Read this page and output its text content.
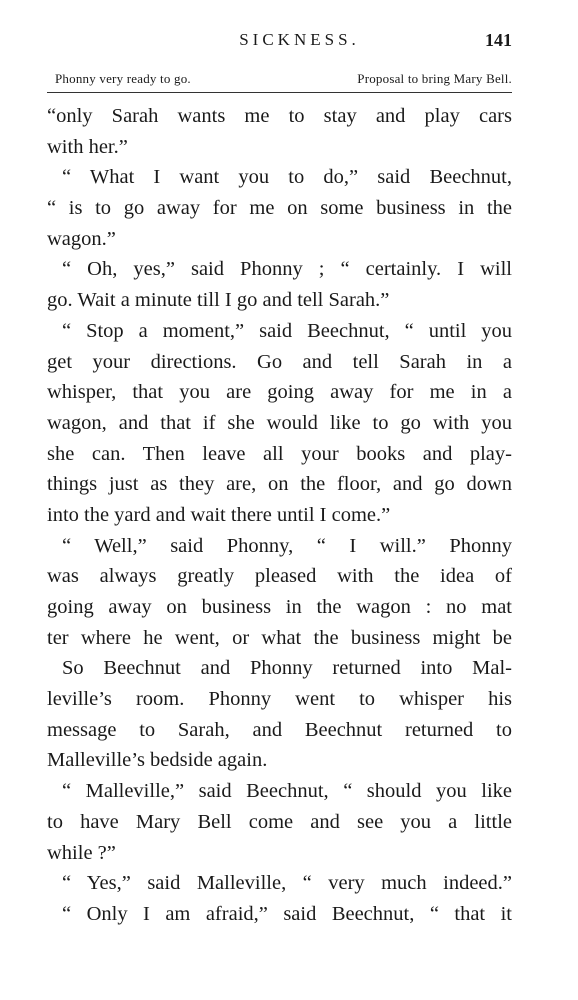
SICKNESS.	141
Phonny very ready to go.	Proposal to bring Mary Bell.
“only Sarah wants me to stay and play cars
with her.”
“ What I want you to do,” said Beechnut,
“ is to go away for me on some business in the
wagon.”
“ Oh, yes,” said Phonny ; “ certainly. I will
go. Wait a minute till I go and tell Sarah.”
“ Stop a moment,” said Beechnut, “ until you
get your directions. Go and tell Sarah in a
whisper, that you are going away for me in a
wagon, and that if she would like to go with you
she can. Then leave all your books and play-
things just as they are, on the floor, and go down
into the yard and wait there until I come.”
“ Well,” said Phonny, “ I will.” Phonny
was always greatly pleased with the idea of
going away on business in the wagon : no mat
ter where he went, or what the business might be
So Beechnut and Phonny returned into Mal-
leville’s room. Phonny went to whisper his
message to Sarah, and Beechnut returned to
Malleville’s bedside again.
“ Malleville,” said Beechnut, “ should you like
to have Mary Bell come and see you a little
while ?”
“ Yes,” said Malleville, “ very much indeed.”
“ Only I am afraid,” said Beechnut, “ that it
